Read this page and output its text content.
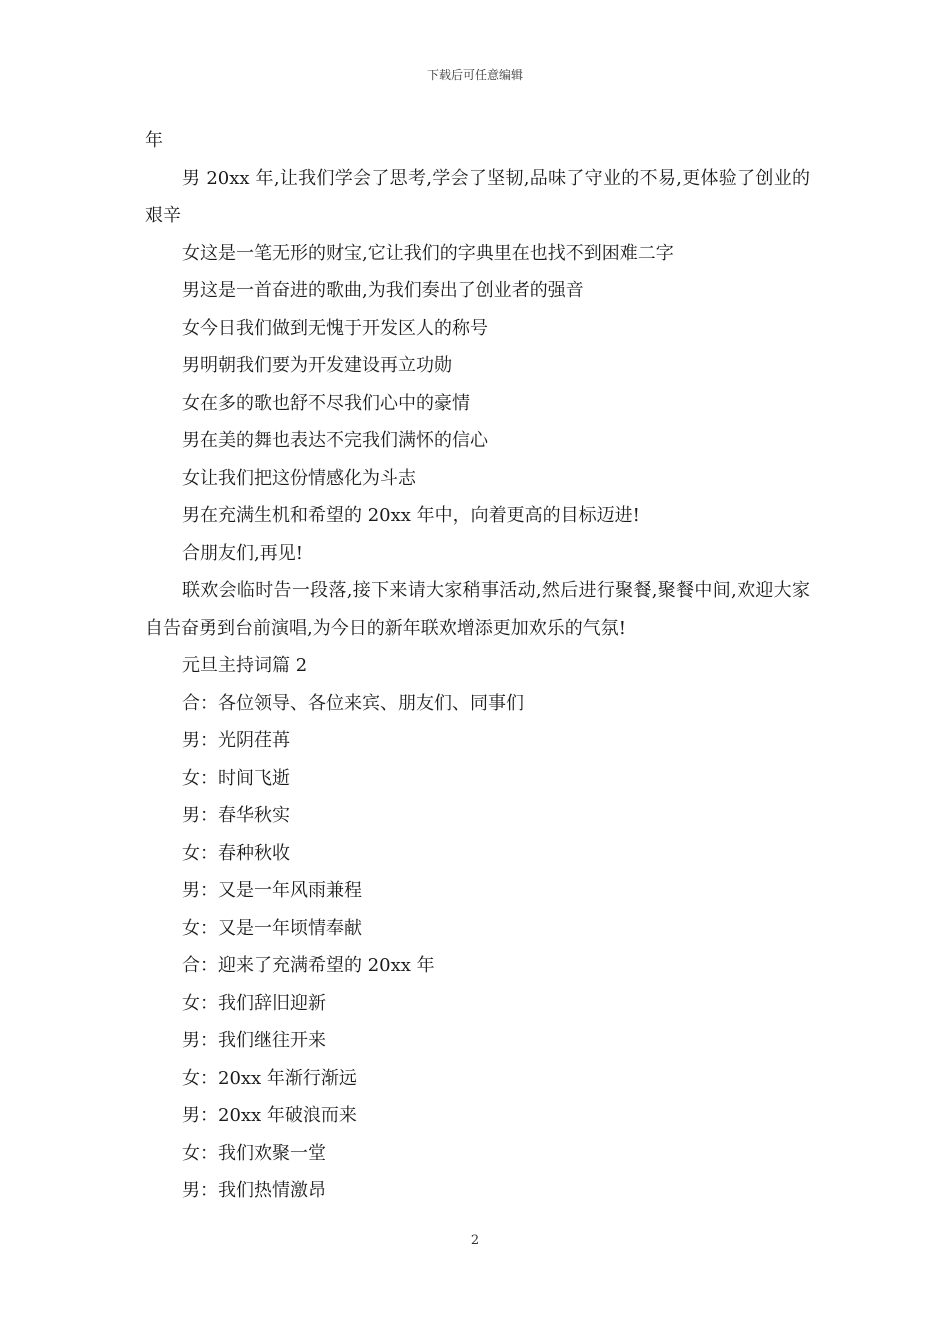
下载后可任意编辑

年

男 20xx 年,让我们学会了思考,学会了坚韧,品味了守业的不易,更体验了创业的艰辛

女这是一笔无形的财宝,它让我们的字典里在也找不到困难二字

男这是一首奋进的歌曲,为我们奏出了创业者的强音

女今日我们做到无愧于开发区人的称号

男明朝我们要为开发建设再立功勋

女在多的歌也舒不尽我们心中的豪情

男在美的舞也表达不完我们满怀的信心

女让我们把这份情感化为斗志

男在充满生机和希望的 20xx 年中，向着更高的目标迈进!

合朋友们,再见!

联欢会临时告一段落,接下来请大家稍事活动,然后进行聚餐,聚餐中间,欢迎大家自告奋勇到台前演唱,为今日的新年联欢增添更加欢乐的气氛!

元旦主持词篇 2

合：各位领导、各位来宾、朋友们、同事们

男：光阴荏苒

女：时间飞逝

男：春华秋实

女：春种秋收

男：又是一年风雨兼程

女：又是一年顷情奉献

合：迎来了充满希望的 20xx 年

女：我们辞旧迎新

男：我们继往开来

女：20xx 年渐行渐远

男：20xx 年破浪而来

女：我们欢聚一堂

男：我们热情激昂

2
